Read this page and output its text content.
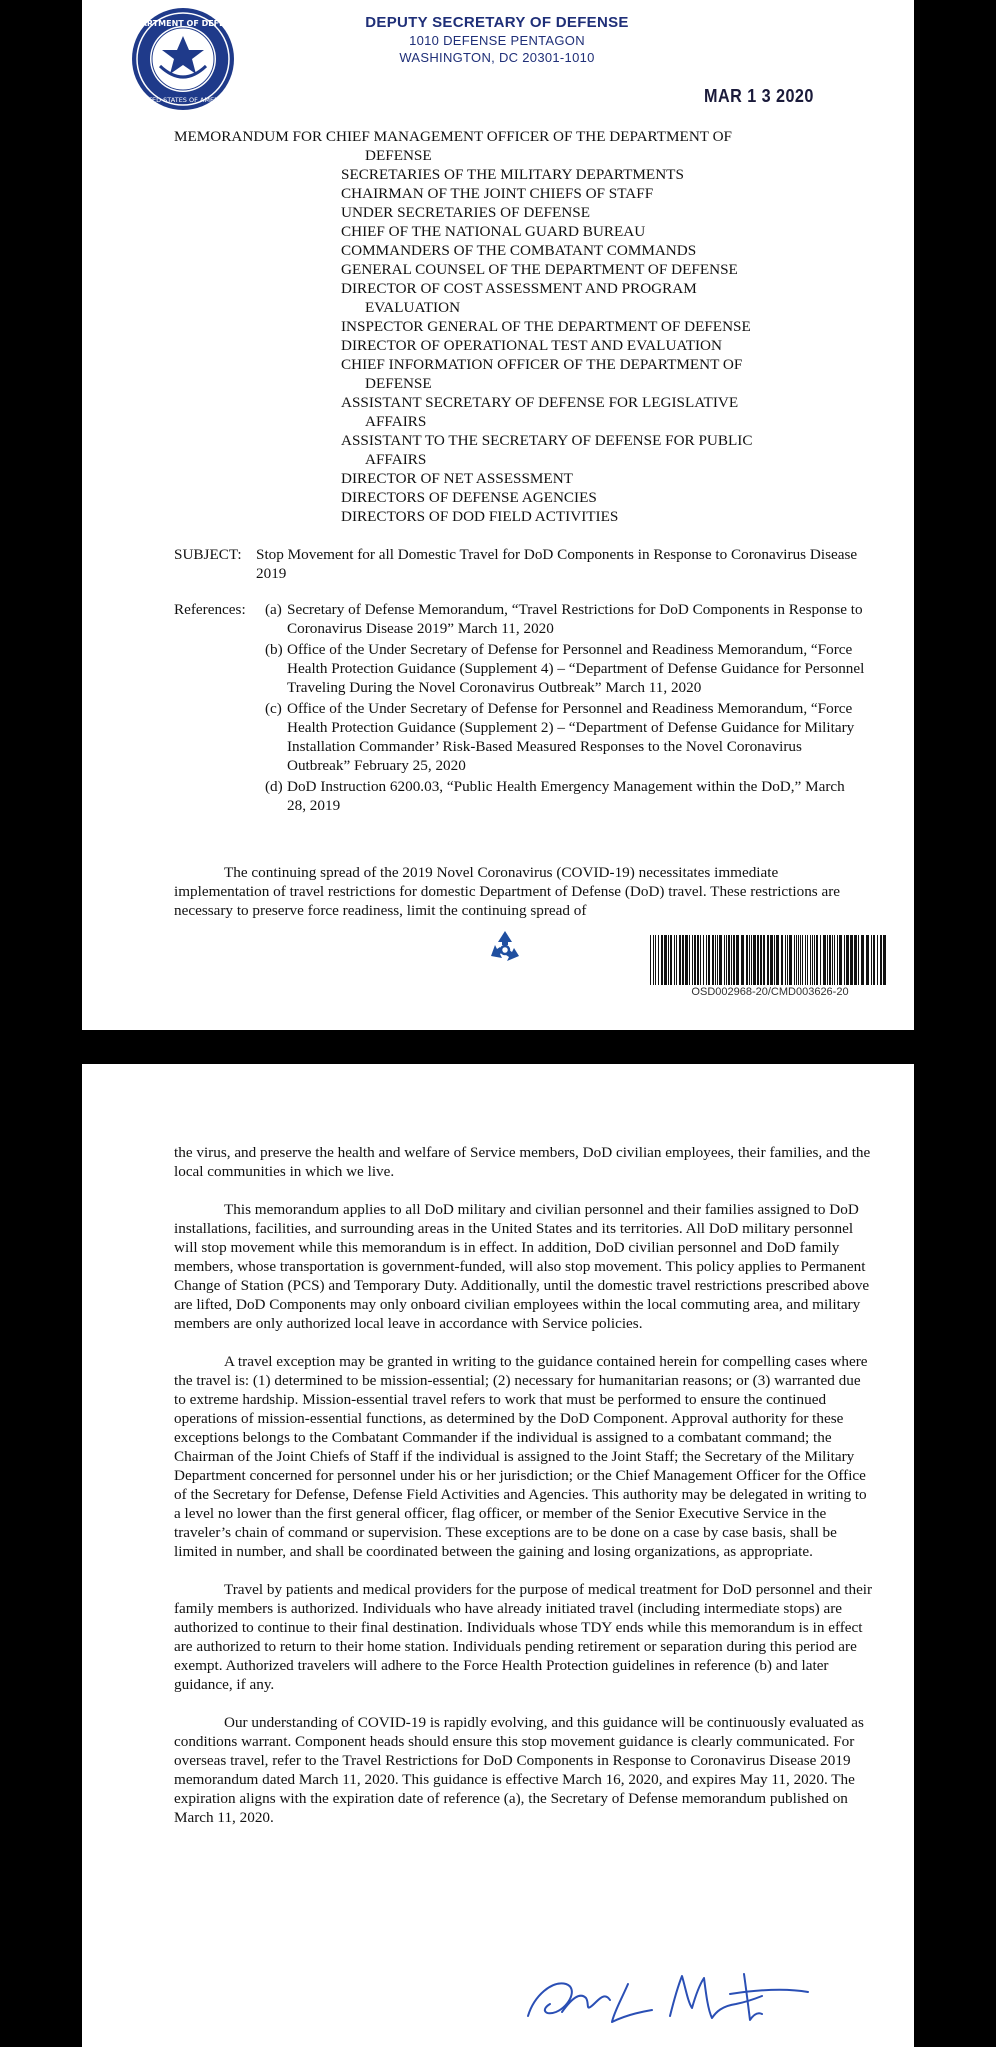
DEPARTMENT OF DEFENSE
UNITED STATES OF AMERICA
DEPUTY SECRETARY OF DEFENSE
1010 DEFENSE PENTAGON
WASHINGTON, DC 20301-1010
MAR 1 3 2020
MEMORANDUM FOR CHIEF MANAGEMENT OFFICER OF THE DEPARTMENT OF
DEFENSE
SECRETARIES OF THE MILITARY DEPARTMENTS
CHAIRMAN OF THE JOINT CHIEFS OF STAFF
UNDER SECRETARIES OF DEFENSE
CHIEF OF THE NATIONAL GUARD BUREAU
COMMANDERS OF THE COMBATANT COMMANDS
GENERAL COUNSEL OF THE DEPARTMENT OF DEFENSE
DIRECTOR OF COST ASSESSMENT AND PROGRAM
EVALUATION
INSPECTOR GENERAL OF THE DEPARTMENT OF DEFENSE
DIRECTOR OF OPERATIONAL TEST AND EVALUATION
CHIEF INFORMATION OFFICER OF THE DEPARTMENT OF
DEFENSE
ASSISTANT SECRETARY OF DEFENSE FOR LEGISLATIVE
AFFAIRS
ASSISTANT TO THE SECRETARY OF DEFENSE FOR PUBLIC
AFFAIRS
DIRECTOR OF NET ASSESSMENT
DIRECTORS OF DEFENSE AGENCIES
DIRECTORS OF DOD FIELD ACTIVITIES
SUBJECT: Stop Movement for all Domestic Travel for DoD Components in Response to Coronavirus Disease 2019
References: (a) Secretary of Defense Memorandum, “Travel Restrictions for DoD Components in Response to Coronavirus Disease 2019” March 11, 2020
(b) Office of the Under Secretary of Defense for Personnel and Readiness Memorandum, “Force Health Protection Guidance (Supplement 4) – “Department of Defense Guidance for Personnel Traveling During the Novel Coronavirus Outbreak” March 11, 2020
(c) Office of the Under Secretary of Defense for Personnel and Readiness Memorandum, “Force Health Protection Guidance (Supplement 2) – “Department of Defense Guidance for Military Installation Commander’ Risk-Based Measured Responses to the Novel Coronavirus Outbreak” February 25, 2020
(d) DoD Instruction 6200.03, “Public Health Emergency Management within the DoD,” March 28, 2019

The continuing spread of the 2019 Novel Coronavirus (COVID-19) necessitates immediate implementation of travel restrictions for domestic Department of Defense (DoD) travel. These restrictions are necessary to preserve force readiness, limit the continuing spread of

OSD002968-20/CMD003626-20

the virus, and preserve the health and welfare of Service members, DoD civilian employees, their families, and the local communities in which we live.

This memorandum applies to all DoD military and civilian personnel and their families assigned to DoD installations, facilities, and surrounding areas in the United States and its territories. All DoD military personnel will stop movement while this memorandum is in effect. In addition, DoD civilian personnel and DoD family members, whose transportation is government-funded, will also stop movement. This policy applies to Permanent Change of Station (PCS) and Temporary Duty. Additionally, until the domestic travel restrictions prescribed above are lifted, DoD Components may only onboard civilian employees within the local commuting area, and military members are only authorized local leave in accordance with Service policies.

A travel exception may be granted in writing to the guidance contained herein for compelling cases where the travel is: (1) determined to be mission-essential; (2) necessary for humanitarian reasons; or (3) warranted due to extreme hardship. Mission-essential travel refers to work that must be performed to ensure the continued operations of mission-essential functions, as determined by the DoD Component. Approval authority for these exceptions belongs to the Combatant Commander if the individual is assigned to a combatant command; the Chairman of the Joint Chiefs of Staff if the individual is assigned to the Joint Staff; the Secretary of the Military Department concerned for personnel under his or her jurisdiction; or the Chief Management Officer for the Office of the Secretary for Defense, Defense Field Activities and Agencies. This authority may be delegated in writing to a level no lower than the first general officer, flag officer, or member of the Senior Executive Service in the traveler’s chain of command or supervision. These exceptions are to be done on a case by case basis, shall be limited in number, and shall be coordinated between the gaining and losing organizations, as appropriate.

Travel by patients and medical providers for the purpose of medical treatment for DoD personnel and their family members is authorized. Individuals who have already initiated travel (including intermediate stops) are authorized to continue to their final destination. Individuals whose TDY ends while this memorandum is in effect are authorized to return to their home station. Individuals pending retirement or separation during this period are exempt. Authorized travelers will adhere to the Force Health Protection guidelines in reference (b) and later guidance, if any.

Our understanding of COVID-19 is rapidly evolving, and this guidance will be continuously evaluated as conditions warrant. Component heads should ensure this stop movement guidance is clearly communicated. For overseas travel, refer to the Travel Restrictions for DoD Components in Response to Coronavirus Disease 2019 memorandum dated March 11, 2020. This guidance is effective March 16, 2020, and expires May 11, 2020. The expiration aligns with the expiration date of reference (a), the Secretary of Defense memorandum published on March 11, 2020.
